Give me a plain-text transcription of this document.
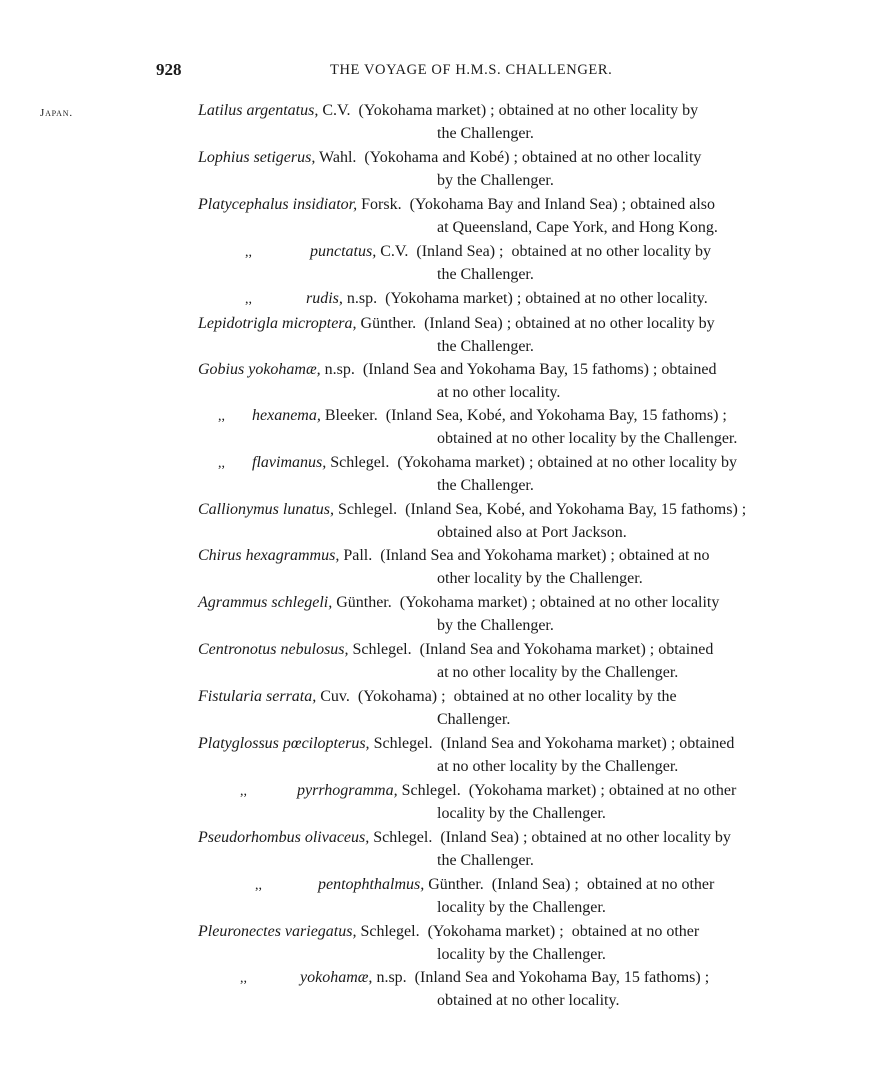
928	THE VOYAGE OF H.M.S. CHALLENGER.
Japan.	Latilus argentatus, C.V.  (Yokohama market) ; obtained at no other locality by
the Challenger.
Lophius setigerus, Wahl.  (Yokohama and Kobé) ; obtained at no other locality
by the Challenger.
Platycephalus insidiator, Forsk.  (Yokohama Bay and Inland Sea) ; obtained also
at Queensland, Cape York, and Hong Kong.
,,	punctatus, C.V.  (Inland Sea) ;  obtained at no other locality by
the Challenger.
,,	rudis, n.sp.  (Yokohama market) ; obtained at no other locality.
Lepidotrigla microptera, Günther.  (Inland Sea) ; obtained at no other locality by
the Challenger.
Gobius yokohamæ, n.sp.  (Inland Sea and Yokohama Bay, 15 fathoms) ; obtained
at no other locality.
,, hexanema, Bleeker.  (Inland Sea, Kobé, and Yokohama Bay, 15 fathoms) ;
obtained at no other locality by the Challenger.
,, flavimanus, Schlegel.  (Yokohama market) ; obtained at no other locality by
the Challenger.
Callionymus lunatus, Schlegel.  (Inland Sea, Kobé, and Yokohama Bay, 15 fathoms) ;
obtained also at Port Jackson.
Chirus hexagrammus, Pall.  (Inland Sea and Yokohama market) ; obtained at no
other locality by the Challenger.
Agrammus schlegeli, Günther.  (Yokohama market) ; obtained at no other locality
by the Challenger.
Centronotus nebulosus, Schlegel.  (Inland Sea and Yokohama market) ; obtained
at no other locality by the Challenger.
Fistularia serrata, Cuv.  (Yokohama) ;  obtained at no other locality by the
Challenger.
Platyglossus pœcilopterus, Schlegel.  (Inland Sea and Yokohama market) ; obtained
at no other locality by the Challenger.
,,	pyrrhogramma, Schlegel.  (Yokohama market) ; obtained at no other
locality by the Challenger.
Pseudorhombus olivaceus, Schlegel.  (Inland Sea) ; obtained at no other locality by
the Challenger.
,,	pentophthalmus, Günther.  (Inland Sea) ;  obtained at no other
locality by the Challenger.
Pleuronectes variegatus, Schlegel.  (Yokohama market) ;  obtained at no other
locality by the Challenger.
,,	yokohamæ, n.sp.  (Inland Sea and Yokohama Bay, 15 fathoms) ;
obtained at no other locality.
